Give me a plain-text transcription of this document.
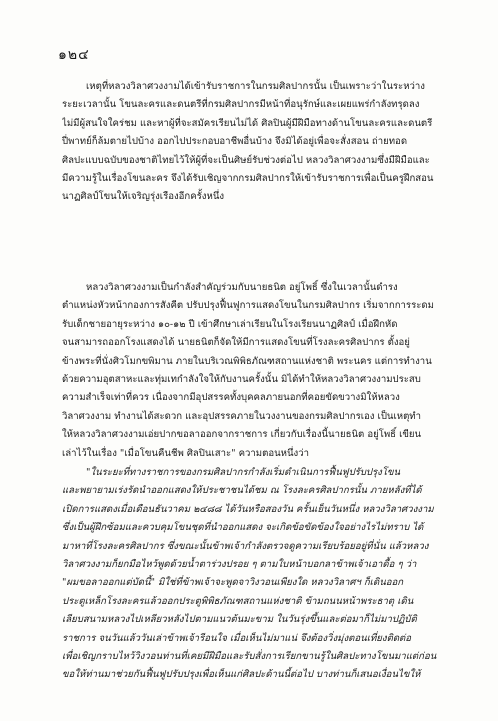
๑๒๔
เหตุที่หลวงวิลาศวงงามได้เข้ารับราชการในกรมศิลปากรนั้น เป็นเพราะว่าในระหว่าง
ระยะเวลานั้น โขนละครและดนตรีที่กรมศิลปากรมีหน้าที่อนุรักษ์และเผยแพร่กำลังทรุดลง
ไม่มีผู้สนใจใคร่ชม และหาผู้ที่จะสมัครเรียนไม่ได้ ศิลปินผู้มีฝีมือทางด้านโขนละครและดนตรี
ปี่พาทย์ก็ล้มตายไปบ้าง ออกไปประกอบอาชีพอื่นบ้าง จึงมิได้อยู่เพื่อจะสั่งสอน ถ่ายทอด
ศิลปะแบบฉบับของชาติไทยไว้ให้ผู้ที่จะเป็นศิษย์รับช่วงต่อไป หลวงวิลาศวงงามซึ่งมีฝีมือและ
มีความรู้ในเรื่องโขนละคร จึงได้รับเชิญจากกรมศิลปากรให้เข้ารับราชการเพื่อเป็นครูฝึกสอน
นาฏศิลป์โขนให้เจริญรุ่งเรืองอีกครั้งหนึ่ง
หลวงวิลาศวงงามเป็นกำลังสำคัญร่วมกับนายธนิต อยู่โพธิ์ ซึ่งในเวลานั้นดำรง
ตำแหน่งหัวหน้ากองการสังคีต ปรับปรุงฟื้นฟูการแสดงโขนในกรมศิลปากร เริ่มจากการระดม
รับเด็กชายอายุระหว่าง ๑๐-๑๒ ปี เข้าศึกษาเล่าเรียนในโรงเรียนนาฏศิลป์ เมื่อฝึกหัด
จนสามารถออกโรงแสดงได้ นายธนิตก็จัดให้มีการแสดงโขนที่โรงละครศิลปากร ตั้งอยู่
ข้างพระที่นั่งศิวโมกขพิมาน ภายในบริเวณพิพิธภัณฑสถานแห่งชาติ พระนคร แต่การทำงาน
ด้วยความอุตสาหะและทุ่มเทกำลังใจให้กับงานครั้งนั้น มิได้ทำให้หลวงวิลาศวงงามประสบ
ความสำเร็จเท่าที่ควร เนื่องจากมีอุปสรรคทั้งบุคคลภายนอกที่คอยขัดขวางมิให้หลวง
วิลาศวงงาม ทำงานได้สะดวก และอุปสรรคภายในวงงานของกรมศิลปากรเอง เป็นเหตุทำ
ให้หลวงวิลาศวงงามเอ่ยปากขอลาออกจากราชการ เกี่ยวกับเรื่องนี้นายธนิต อยู่โพธิ์ เขียน
เล่าไว้ในเรื่อง "เมื่อโขนคืนชีพ ศิลปินเสาะ" ความตอนหนึ่งว่า
"ในระยะที่ทางราชการของกรมศิลปากรกำลังเริ่มดำเนินการฟื้นฟูปรับปรุงโขน
และพยายามเร่งรัดนำออกแสดงให้ประชาชนได้ชม ณ โรงละครศิลปากรนั้น ภายหลังที่ได้
เปิดการแสดงเมื่อเดือนธันวาคม ๒๔๘๘ ได้วันหรือสองวัน ครั้นเย็นวันหนึ่ง หลวงวิลาศวงงาม
ซึ่งเป็นผู้ฝึกซ้อมและควบคุมโขนชุดที่นำออกแสดง จะเกิดข้อขัดข้องใจอย่างไรไม่ทราบ ได้
มาหาที่โรงละครศิลปากร ซึ่งขณะนั้นข้าพเจ้ากำลังตรวจดูความเรียบร้อยอยู่ที่นั่น แล้วหลวง
วิลาศวงงามก็ยกมือไหว้พูดด้วยน้ำตาร่วงปรอย ๆ ตามใบหน้าบอกลาข้าพเจ้าเอาดื้อ ๆ ว่า
"ผมขอลาออกแต่บัดนี้" มิใช่ที่ข้าพเจ้าจะพูดจาวิงวอนเพียงใด หลวงวิลาศฯ ก็เดินออก
ประตูเหล็กโรงละครแล้วออกประตูพิพิธภัณฑสถานแห่งชาติ ข้ามถนนหน้าพระธาตุ เดิน
เลียบสนามหลวงไปเหลียวหลังไปตามแนวต้นมะขาม ในวันรุ่งขึ้นและต่อมาก็ไม่มาปฏิบัติ
ราชการ จนวันแล้ววันเล่าข้าพเจ้ารีอนใจ เมื่อเห็นไม่มาแน่ จึงต้องวิ่งมุ่งตอนเที่ยงติดต่อ
เพื่อเชิญกราบไหว้วิงวอนท่านที่เคยมีฝีมือและรับสั่งการเรียกขานรู้ในศิลปะทางโขนมาแต่ก่อน
ขอให้ท่านมาช่วยกันฟื้นฟูปรับปรุงเพื่อเห็นแก่ศิลปะด้านนี้ต่อไป บางท่านก็เสนอเงื่อนไขให้
